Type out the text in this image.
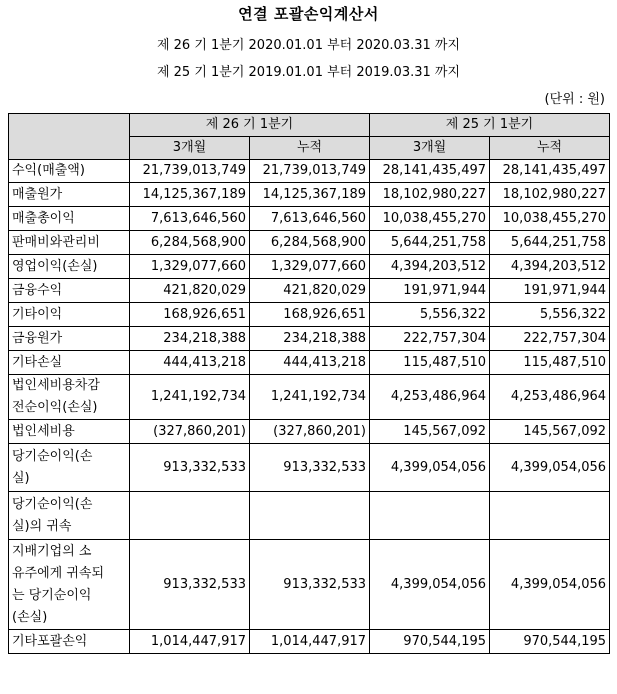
연결 포괄손익계산서
제 26 기 1분기 2020.01.01 부터 2020.03.31 까지
제 25 기 1분기 2019.01.01 부터 2019.03.31 까지
(단위 : 원)
	제 26 기 1분기		제 25 기 1분기	
	3개월	누적	3개월	누적
수익(매출액)	21,739,013,749	21,739,013,749	28,141,435,497	28,141,435,497
매출원가	14,125,367,189	14,125,367,189	18,102,980,227	18,102,980,227
매출총이익	7,613,646,560	7,613,646,560	10,038,455,270	10,038,455,270
판매비와관리비	6,284,568,900	6,284,568,900	5,644,251,758	5,644,251,758
영업이익(손실)	1,329,077,660	1,329,077,660	4,394,203,512	4,394,203,512
금융수익	421,820,029	421,820,029	191,971,944	191,971,944
기타이익	168,926,651	168,926,651	5,556,322	5,556,322
금융원가	234,218,388	234,218,388	222,757,304	222,757,304
기타손실	444,413,218	444,413,218	115,487,510	115,487,510

법인세비용차감
전순이익(손실)	1,241,192,734	1,241,192,734	4,253,486,964	4,253,486,964
법인세비용	(327,860,201)	(327,860,201)	145,567,092	145,567,092

당기순이익(손
실)	913,332,533	913,332,533	4,399,054,056	4,399,054,056

당기순이익(손
실)의 귀속				

지배기업의 소
유주에게 귀속되
는 당기순이익
(손실)	913,332,533	913,332,533	4,399,054,056	4,399,054,056
기타포괄손익	1,014,447,917	1,014,447,917	970,544,195	970,544,195
